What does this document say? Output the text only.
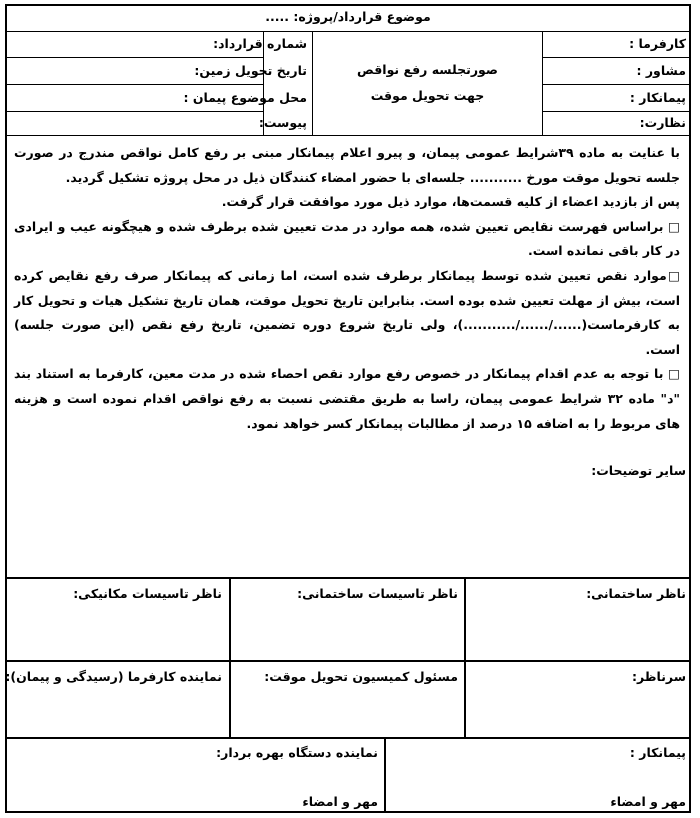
موضوع قرارداد/پروژه: .....
کارفرما :
مشاور :
پیمانکار :
نظارت:
صورتجلسه رفع نواقص
جهت تحویل موقت
شماره قرارداد:
تاریخ تحویل زمین:
محل موضوع پیمان :
پیوست:

با عنایت به ماده ۳۹شرایط عمومی پیمان، و پیرو اعلام پیمانکار مبنی بر رفع کامل نواقص مندرج در صورت جلسه تحویل موقت مورخ ........... جلسه‌ای با حضور امضاء کنندگان ذیل در محل پروژه تشکیل گردید.

پس از بازدید اعضاء از کلیه قسمت‌ها، موارد ذیل مورد موافقت قرار گرفت.

□ براساس فهرست نقایص تعیین شده، همه موارد در مدت تعیین شده برطرف شده و هیچگونه عیب و ایرادی در کار باقی نمانده است.

□موارد نقص تعیین شده توسط پیمانکار برطرف شده است، اما زمانی که پیمانکار صرف رفع نقایص کرده است، بیش از مهلت تعیین شده بوده است. بنابراین تاریخ تحویل موقت، همان تاریخ تشکیل هیات و تحویل کار به کارفرماست(....../....../...........)، ولی تاریخ شروع دوره تضمین، تاریخ رفع نقص (این صورت جلسه) است.

□ با توجه به عدم اقدام پیمانکار در خصوص رفع موارد نقص احصاء شده در مدت معین، کارفرما به استناد بند "د" ماده ۳۲ شرایط عمومی پیمان، راسا به طریق مقتضی نسبت به رفع نواقص اقدام نموده است و هزینه های مربوط را به اضافه ۱۵ درصد از مطالبات پیمانکار کسر خواهد نمود.

سایر توضیحات:
ناظر ساختمانی:
ناظر تاسیسات ساختمانی:
ناظر تاسیسات مکانیکی:
سرناظر:
مسئول کمیسیون تحویل موقت:
نماینده کارفرما (رسیدگی و پیمان):
پیمانکار :
نماینده دستگاه بهره بردار:
مهر و امضاء
مهر و امضاء
